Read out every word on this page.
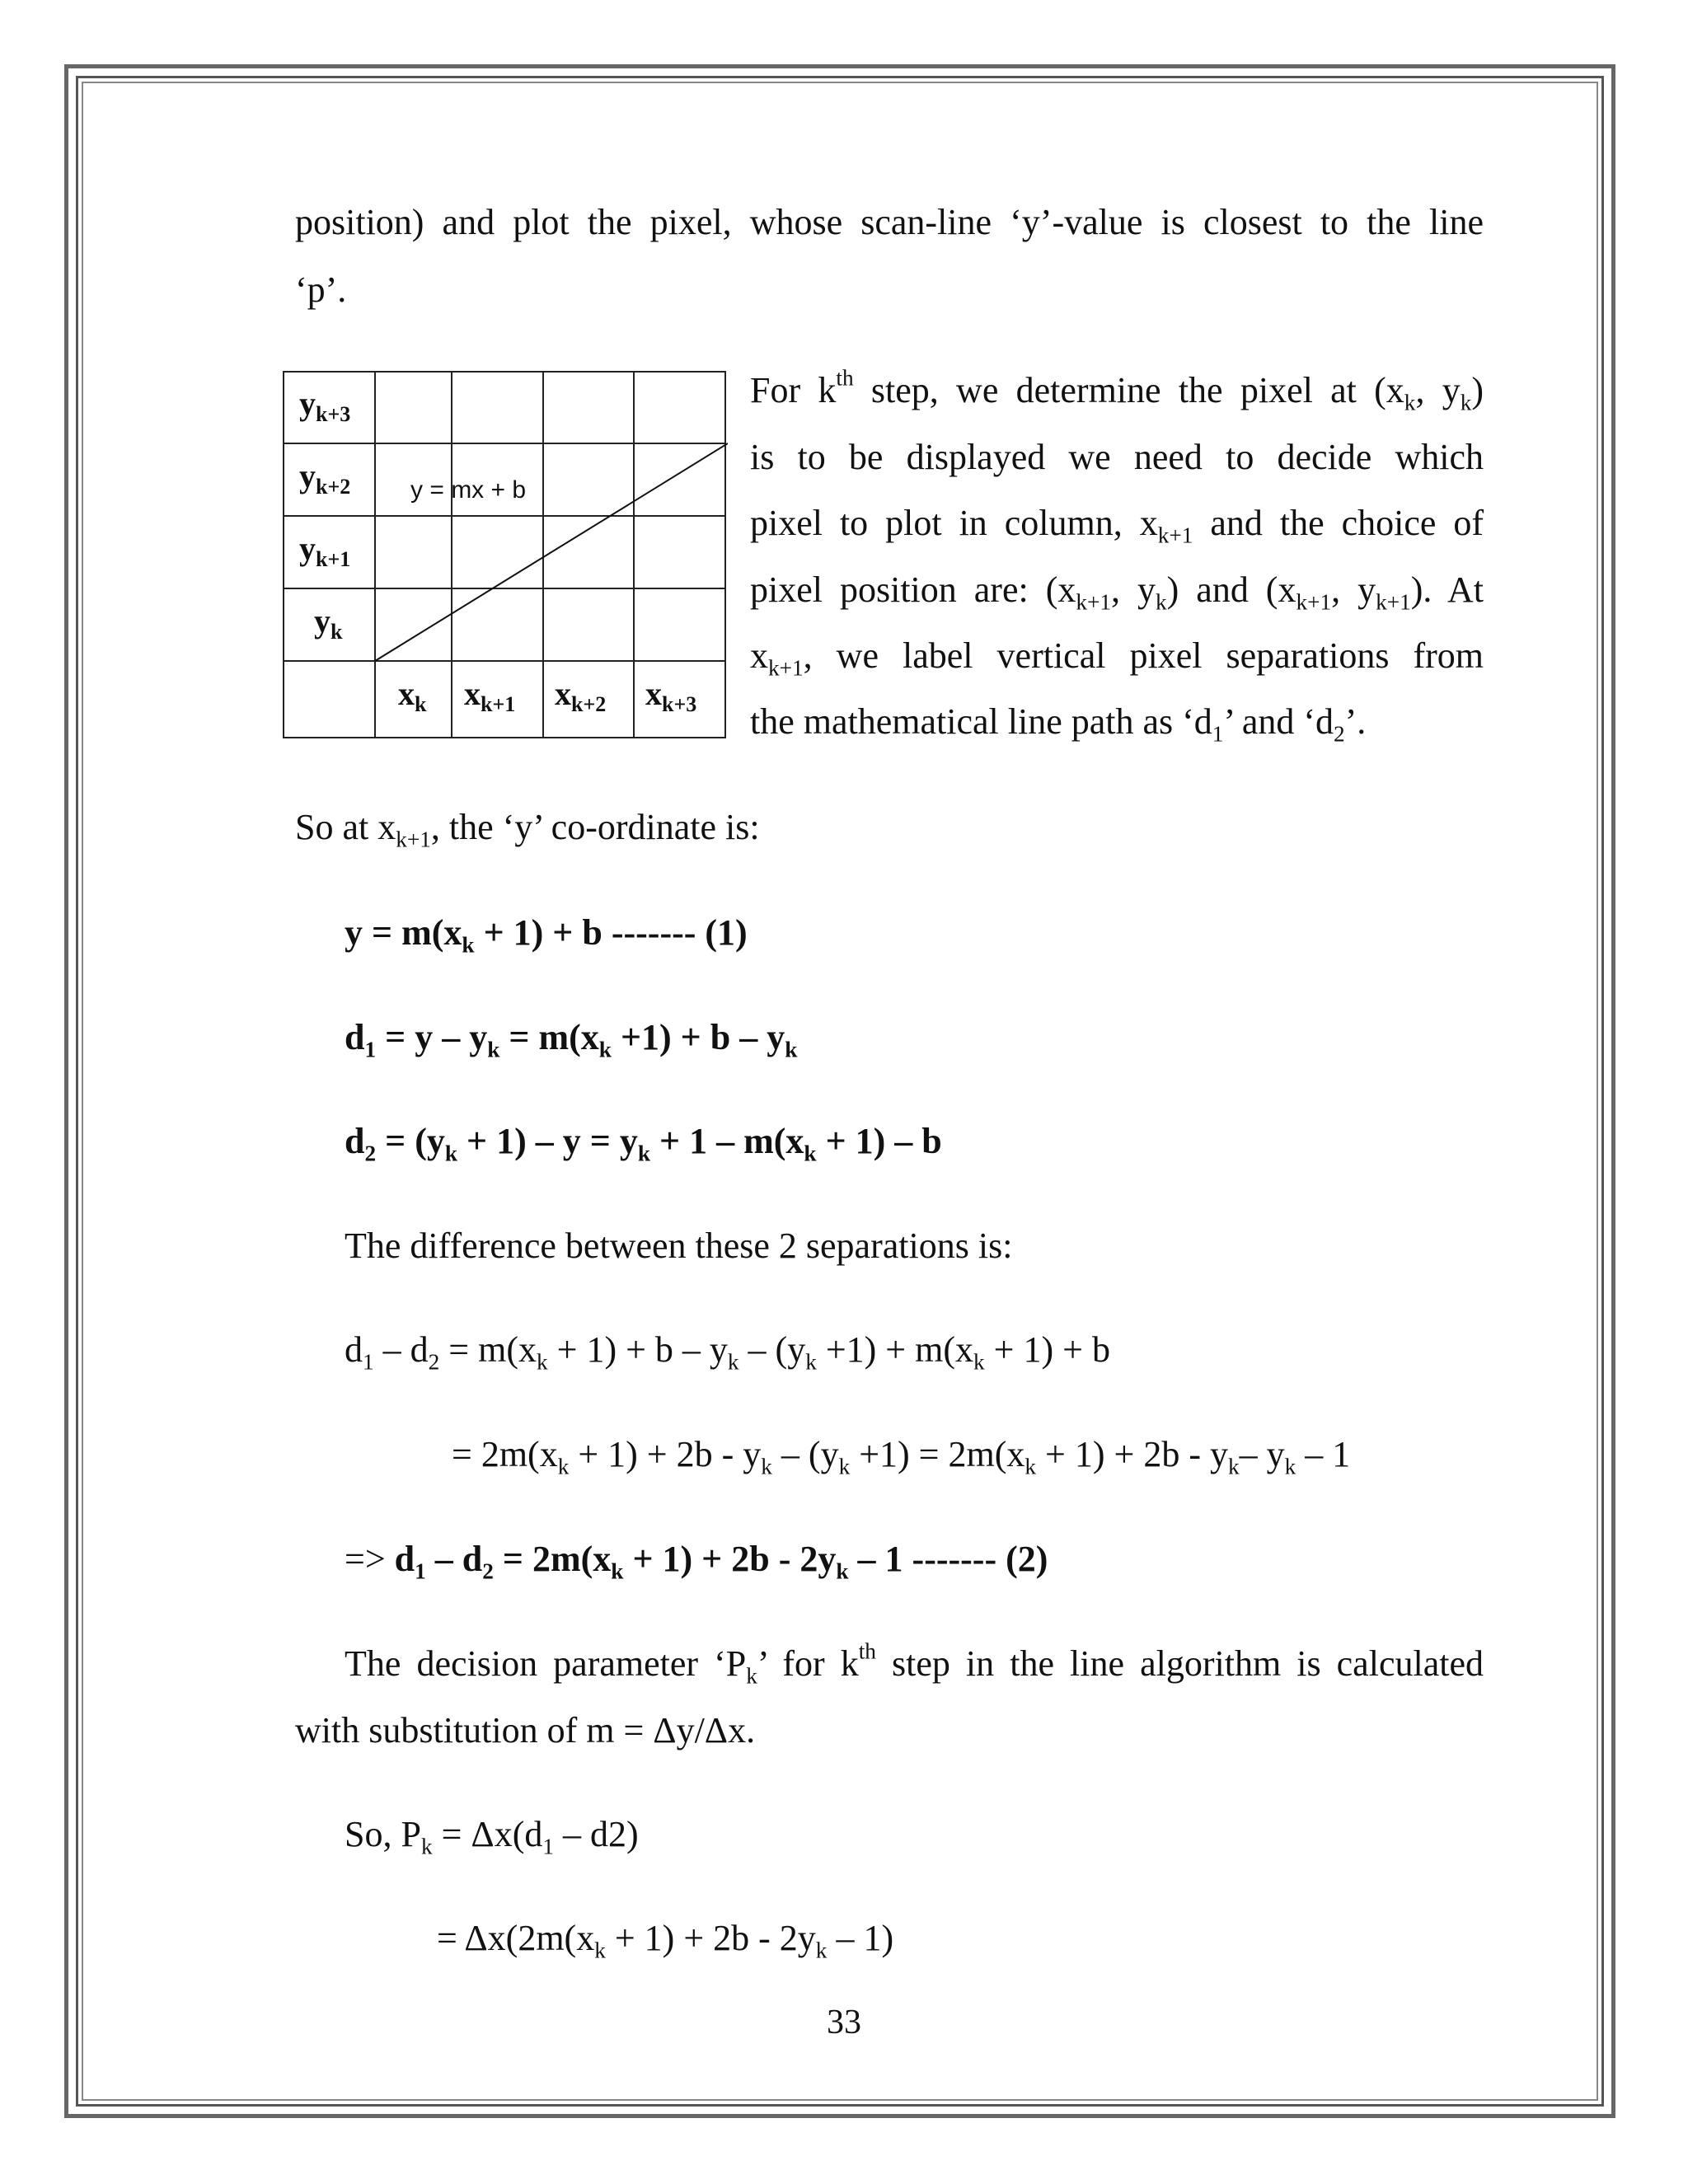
position) and plot the pixel, whose scan-line ‘y’-value is closest to the line
‘p’.
$y_{k+3}$
$y_{k+2}$
$y_{k+1}$
$y_k$
$x_k$ $x_{k+1}$ $x_{k+2}$ $x_{k+3}$
y = mx + b
For $k^{th}$ step, we determine the pixel at ($x_k$, $y_k$)
is to be displayed we need to decide which
pixel to plot in column, $x_{k+1}$ and the choice of
pixel position are: ($x_{k+1}$, $y_k$) and ($x_{k+1}$, $y_{k+1}$). At
$x_{k+1}$, we label vertical pixel separations from
the mathematical line path as ‘$d_1$’ and ‘$d_2$’.
So at $x_{k+1}$, the ‘y’ co-ordinate is:
$y = m(x_k + 1) + b$ ------- (1)
$d_1 = y - y_k = m(x_k +1) + b - y_k$
$d_2 = (y_k + 1) - y = y_k + 1 - m(x_k + 1) - b$
The difference between these 2 separations is:
$d_1 - d_2 = m(x_k + 1) + b - y_k - (y_k +1) + m(x_k + 1) + b$
= $2m(x_k + 1) + 2b - y_k - (y_k +1) = 2m(x_k + 1) + 2b - y_k-$ $y_k - 1$
=> $d_1 - d_2 = 2m(x_k + 1) + 2b - 2y_k - 1$ ------- (2)
The decision parameter ‘$P_k$’ for $k^{th}$ step in the line algorithm is calculated
with substitution of m = Δy/Δx.
So, $P_k = \Delta x(d_1 - d2)$
= $\Delta x(2m(x_k + 1) + 2b - 2y_k - 1)$
33
